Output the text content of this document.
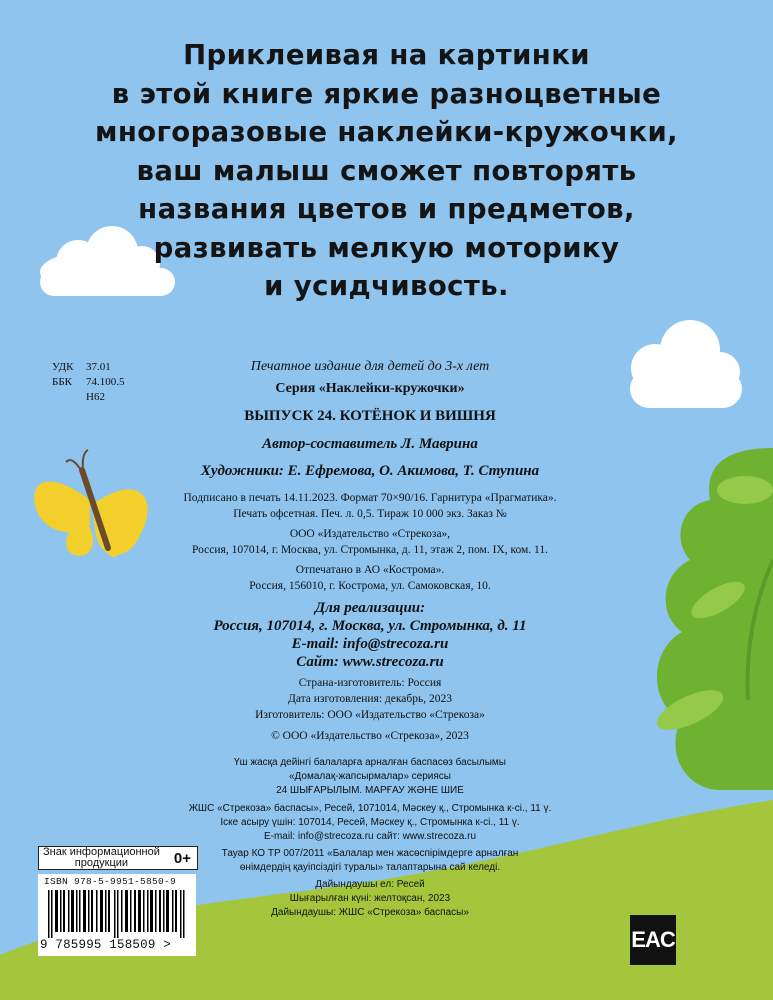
Приклеивая на картинки
в этой книге яркие разноцветные
многоразовые наклейки-кружочки,
ваш малыш сможет повторять
названия цветов и предметов,
развивать мелкую моторику
и усидчивость.
УДК 37.01
ББК 74.100.5
Н62
Печатное издание для детей до 3-х лет
Серия «Наклейки-кружочки»
ВЫПУСК 24. КОТЁНОК И ВИШНЯ
Автор-составитель Л. Маврина
Художники: Е. Ефремова, О. Акимова, Т. Ступина
Подписано в печать 14.11.2023. Формат 70×90/16. Гарнитура «Прагматика».
Печать офсетная. Печ. л. 0,5. Тираж 10 000 экз. Заказ №
ООО «Издательство «Стрекоза»,
Россия, 107014, г. Москва, ул. Стромынка, д. 11, этаж 2, пом. IX, ком. 11.
Отпечатано в АО «Кострома».
Россия, 156010, г. Кострома, ул. Самоковская, 10.
Для реализации:
Россия, 107014, г. Москва, ул. Стромынка, д. 11
E-mail: info@strecoza.ru
Сайт: www.strecoza.ru
Страна-изготовитель: Россия
Дата изготовления: декабрь, 2023
Изготовитель: ООО «Издательство «Стрекоза»
© ООО «Издательство «Стрекоза», 2023
Үш жасқа дейінгі балаларға арналған баспасөз басылымы
«Домалақ-жапсырмалар» сериясы
24 ШЫҒАРЫЛЫМ. МАРҒАУ ЖӘНЕ ШИЕ
ЖШС «Стрекоза» баспасы», Ресей, 1071014, Мәскеу қ., Стромынка к-сі., 11 ү.
Іске асыру үшін: 107014, Ресей, Мәскеу қ., Стромынка к-сі., 11 ү.
E-mail: info@strecoza.ru сайт: www.strecoza.ru
Тауар КО ТР 007/2011 «Балалар мен жасөспірімдерге арналған
өнімдердің қауіпсіздігі туралы» талаптарына сай келеді.
Дайындаушы ел: Ресей
Шығарылған күні: желтоқсан, 2023
Дайындаушы: ЖШС «Стрекоза» баспасы»
Знак информационной
продукции	0+
ISBN 978-5-9951-5850-9
9 785995 158509 >	EAC
